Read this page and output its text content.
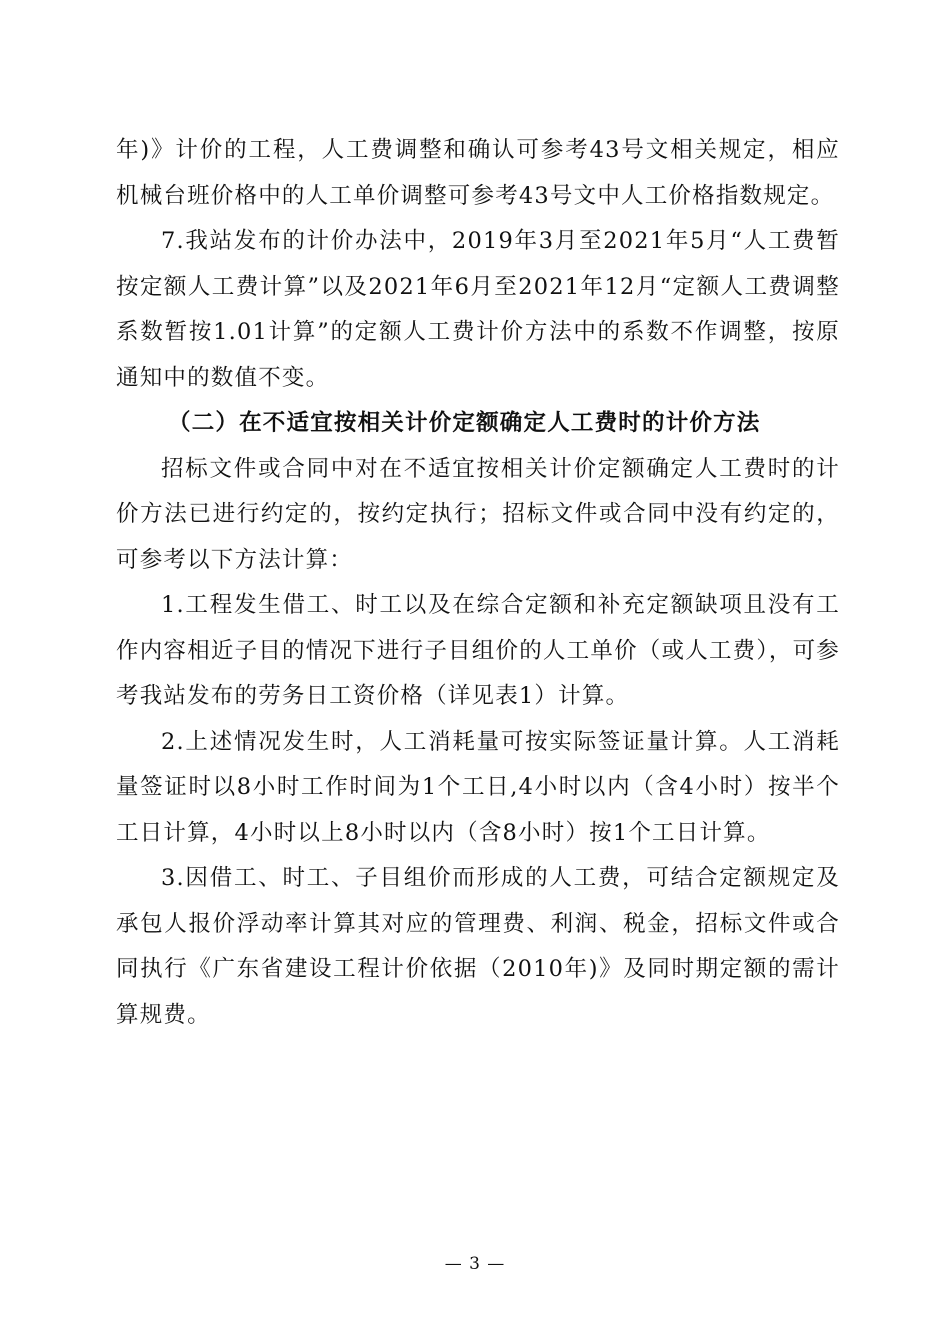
年)》计价的工程，人工费调整和确认可参考43号文相关规定，相应机械台班价格中的人工单价调整可参考43号文中人工价格指数规定。

7.我站发布的计价办法中，2019年3月至2021年5月“人工费暂按定额人工费计算”以及2021年6月至2021年12月“定额人工费调整系数暂按1.01计算”的定额人工费计价方法中的系数不作调整，按原通知中的数值不变。

（二）在不适宜按相关计价定额确定人工费时的计价方法

招标文件或合同中对在不适宜按相关计价定额确定人工费时的计价方法已进行约定的，按约定执行；招标文件或合同中没有约定的，可参考以下方法计算：

1.工程发生借工、时工以及在综合定额和补充定额缺项且没有工作内容相近子目的情况下进行子目组价的人工单价（或人工费），可参考我站发布的劳务日工资价格（详见表1）计算。

2.上述情况发生时，人工消耗量可按实际签证量计算。人工消耗量签证时以8小时工作时间为1个工日,4小时以内（含4小时）按半个工日计算，4小时以上8小时以内（含8小时）按1个工日计算。

3.因借工、时工、子目组价而形成的人工费，可结合定额规定及承包人报价浮动率计算其对应的管理费、利润、税金，招标文件或合同执行《广东省建设工程计价依据（2010年)》及同时期定额的需计算规费。

— 3 —
